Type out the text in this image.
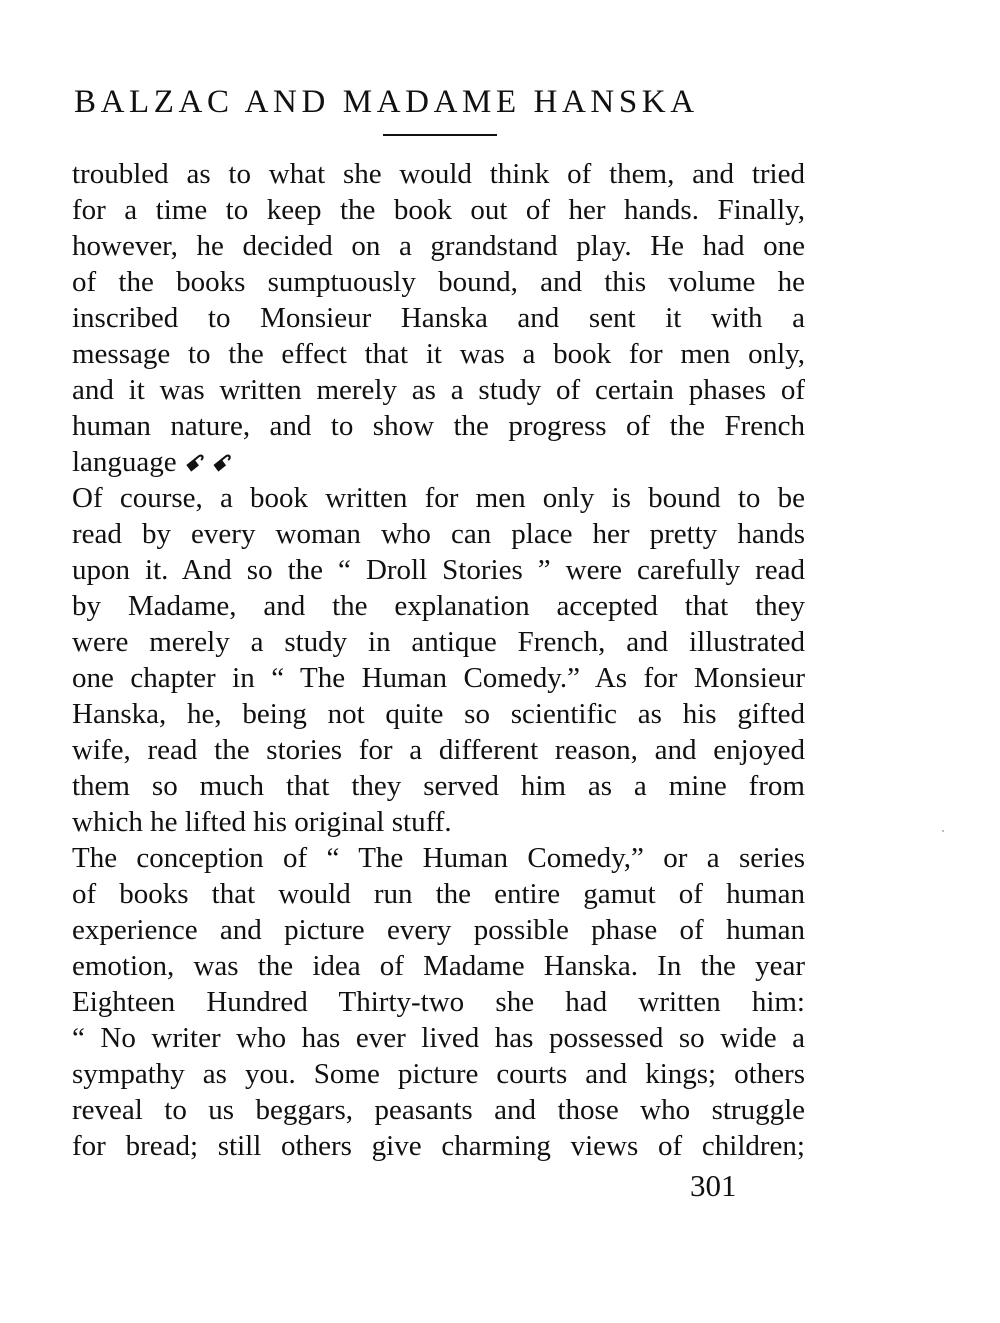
BALZAC AND MADAME HANSKA
troubled as to what she would think of them, and tried
for a time to keep the book out of her hands. Finally,
however, he decided on a grandstand play. He had one
of the books sumptuously bound, and this volume he
inscribed to Monsieur Hanska and sent it with a
message to the effect that it was a book for men only,
and it was written merely as a study of certain phases of
human nature, and to show the progress of the French
language ꗃ ꗃ
Of course, a book written for men only is bound to be
read by every woman who can place her pretty hands
upon it. And so the “ Droll Stories ” were carefully read
by Madame, and the explanation accepted that they
were merely a study in antique French, and illustrated
one chapter in “ The Human Comedy.” As for Monsieur
Hanska, he, being not quite so scientific as his gifted
wife, read the stories for a different reason, and enjoyed
them so much that they served him as a mine from
which he lifted his original stuff.
The conception of “ The Human Comedy,” or a series
of books that would run the entire gamut of human
experience and picture every possible phase of human
emotion, was the idea of Madame Hanska. In the year
Eighteen Hundred Thirty-two she had written him:
“ No writer who has ever lived has possessed so wide a
sympathy as you. Some picture courts and kings; others
reveal to us beggars, peasants and those who struggle
for bread; still others give charming views of children;
301
